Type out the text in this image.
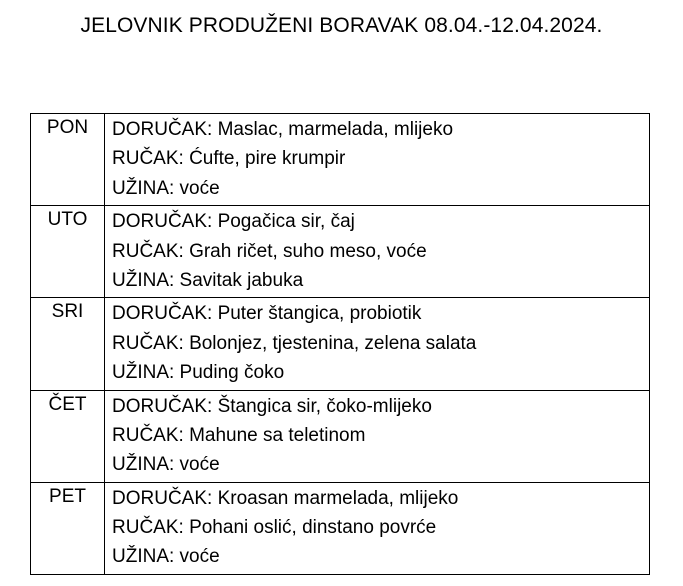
JELOVNIK PRODUŽENI BORAVAK 08.04.-12.04.2024.
PON	DORUČAK: Maslac, marmelada, mlijeko
RUČAK: Ćufte, pire krumpir
UŽINA: voće

UTO	DORUČAK: Pogačica sir, čaj
RUČAK: Grah ričet, suho meso, voće
UŽINA: Savitak jabuka

SRI	DORUČAK: Puter štangica, probiotik
RUČAK: Bolonjez, tjestenina, zelena salata
UŽINA: Puding čoko

ČET	DORUČAK: Štangica sir, čoko-mlijeko
RUČAK: Mahune sa teletinom
UŽINA: voće

PET	DORUČAK: Kroasan marmelada, mlijeko
RUČAK: Pohani oslić, dinstano povrće
UŽINA: voće
